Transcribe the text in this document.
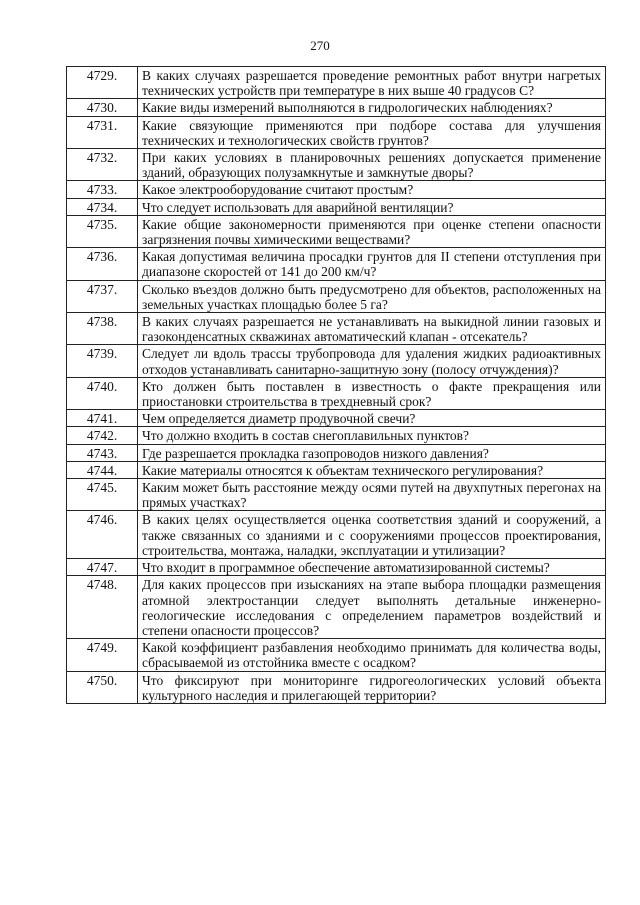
270
4729.	В каких случаях разрешается проведение ремонтных работ внутри нагретых технических устройств при температуре в них выше 40 градусов С?
4730.	Какие виды измерений выполняются в гидрологических наблюдениях?
4731.	Какие связующие применяются при подборе состава для улучшения технических и технологических свойств грунтов?
4732.	При каких условиях в планировочных решениях допускается применение зданий, образующих полузамкнутые и замкнутые дворы?
4733.	Какое электрооборудование считают простым?
4734.	Что следует использовать для аварийной вентиляции?
4735.	Какие общие закономерности применяются при оценке степени опасности загрязнения почвы химическими веществами?
4736.	Какая допустимая величина просадки грунтов для II степени отступления при диапазоне скоростей от 141 до 200 км/ч?
4737.	Сколько въездов должно быть предусмотрено для объектов, расположенных на земельных участках площадью более 5 га?
4738.	В каких случаях разрешается не устанавливать на выкидной линии газовых и газоконденсатных скважинах автоматический клапан - отсекатель?
4739.	Следует ли вдоль трассы трубопровода для удаления жидких радиоактивных отходов устанавливать санитарно-защитную зону (полосу отчуждения)?
4740.	Кто должен быть поставлен в известность о факте прекращения или приостановки строительства в трехдневный срок?
4741.	Чем определяется диаметр продувочной свечи?
4742.	Что должно входить в состав снегоплавильных пунктов?
4743.	Где разрешается прокладка газопроводов низкого давления?
4744.	Какие материалы относятся к объектам технического регулирования?
4745.	Каким может быть расстояние между осями путей на двухпутных перегонах на прямых участках?
4746.	В каких целях осуществляется оценка соответствия зданий и сооружений, а также связанных со зданиями и с сооружениями процессов проектирования, строительства, монтажа, наладки, эксплуатации и утилизации?
4747.	Что входит в программное обеспечение автоматизированной системы?
4748.	Для каких процессов при изысканиях на этапе выбора площадки размещения атомной электростанции следует выполнять детальные инженерно-геологические исследования с определением параметров воздействий и степени опасности процессов?
4749.	Какой коэффициент разбавления необходимо принимать для количества воды, сбрасываемой из отстойника вместе с осадком?
4750.	Что фиксируют при мониторинге гидрогеологических условий объекта культурного наследия и прилегающей территории?
